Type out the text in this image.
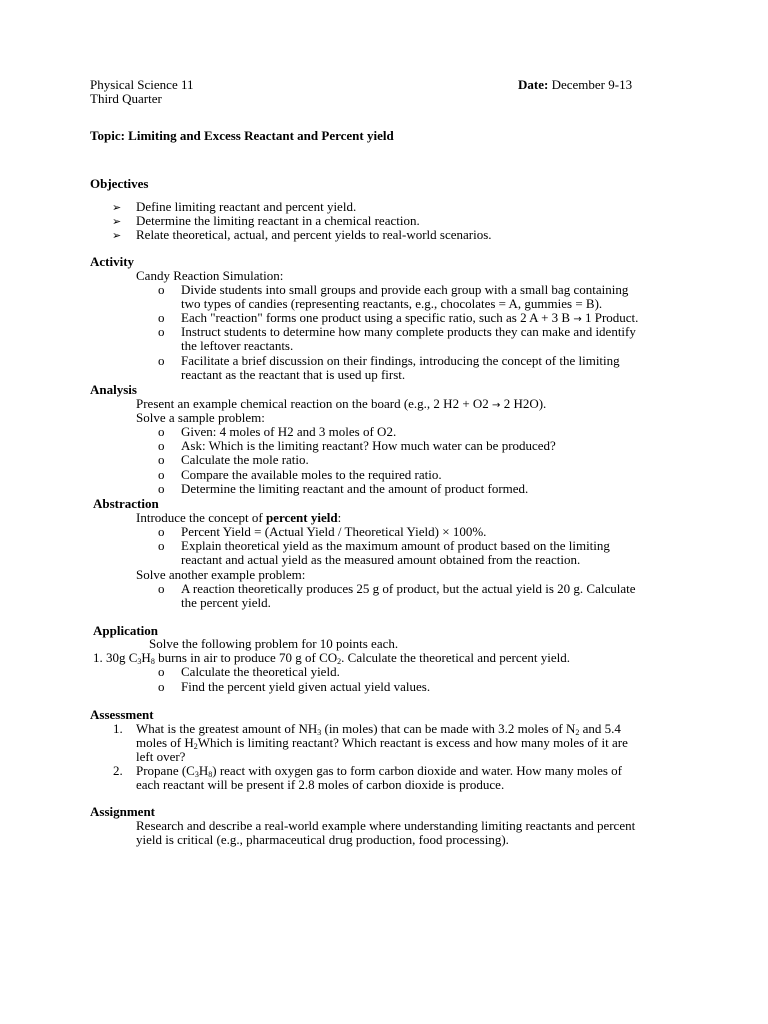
Physical Science 11	Date: December 9-13
Third Quarter
Topic: Limiting and Excess Reactant and Percent yield
Objectives
➢ Define limiting reactant and percent yield.
➢ Determine the limiting reactant in a chemical reaction.
➢ Relate theoretical, actual, and percent yields to real-world scenarios.
Activity
Candy Reaction Simulation:
o Divide students into small groups and provide each group with a small bag containing
two types of candies (representing reactants, e.g., chocolates = A, gummies = B).
o Each "reaction" forms one product using a specific ratio, such as 2 A + 3 B → 1 Product.
o Instruct students to determine how many complete products they can make and identify
the leftover reactants.
o Facilitate a brief discussion on their findings, introducing the concept of the limiting
reactant as the reactant that is used up first.
Analysis
Present an example chemical reaction on the board (e.g., 2 H2 + O2 → 2 H2O).
Solve a sample problem:
o Given: 4 moles of H2 and 3 moles of O2.
o Ask: Which is the limiting reactant? How much water can be produced?
o Calculate the mole ratio.
o Compare the available moles to the required ratio.
o Determine the limiting reactant and the amount of product formed.
Abstraction
Introduce the concept of percent yield:
o Percent Yield = (Actual Yield / Theoretical Yield) × 100%.
o Explain theoretical yield as the maximum amount of product based on the limiting
reactant and actual yield as the measured amount obtained from the reaction.
Solve another example problem:
o A reaction theoretically produces 25 g of product, but the actual yield is 20 g. Calculate
the percent yield.
Application
Solve the following problem for 10 points each.
1. 30g $C_3H_8$ burns in air to produce 70 g of $CO_2$. Calculate the theoretical and percent yield.
o Calculate the theoretical yield.
o Find the percent yield given actual yield values.
Assessment
1. What is the greatest amount of $NH_3$ (in moles) that can be made with 3.2 moles of $N_2$ and 5.4
moles of $H_2Which$ is limiting reactant? Which reactant is excess and how many moles of it are
left over?
2. Propane $(C_3H_8)$ react with oxygen gas to form carbon dioxide and water. How many moles of
each reactant will be present if 2.8 moles of carbon dioxide is produce.
Assignment
Research and describe a real-world example where understanding limiting reactants and percent
yield is critical (e.g., pharmaceutical drug production, food processing).
